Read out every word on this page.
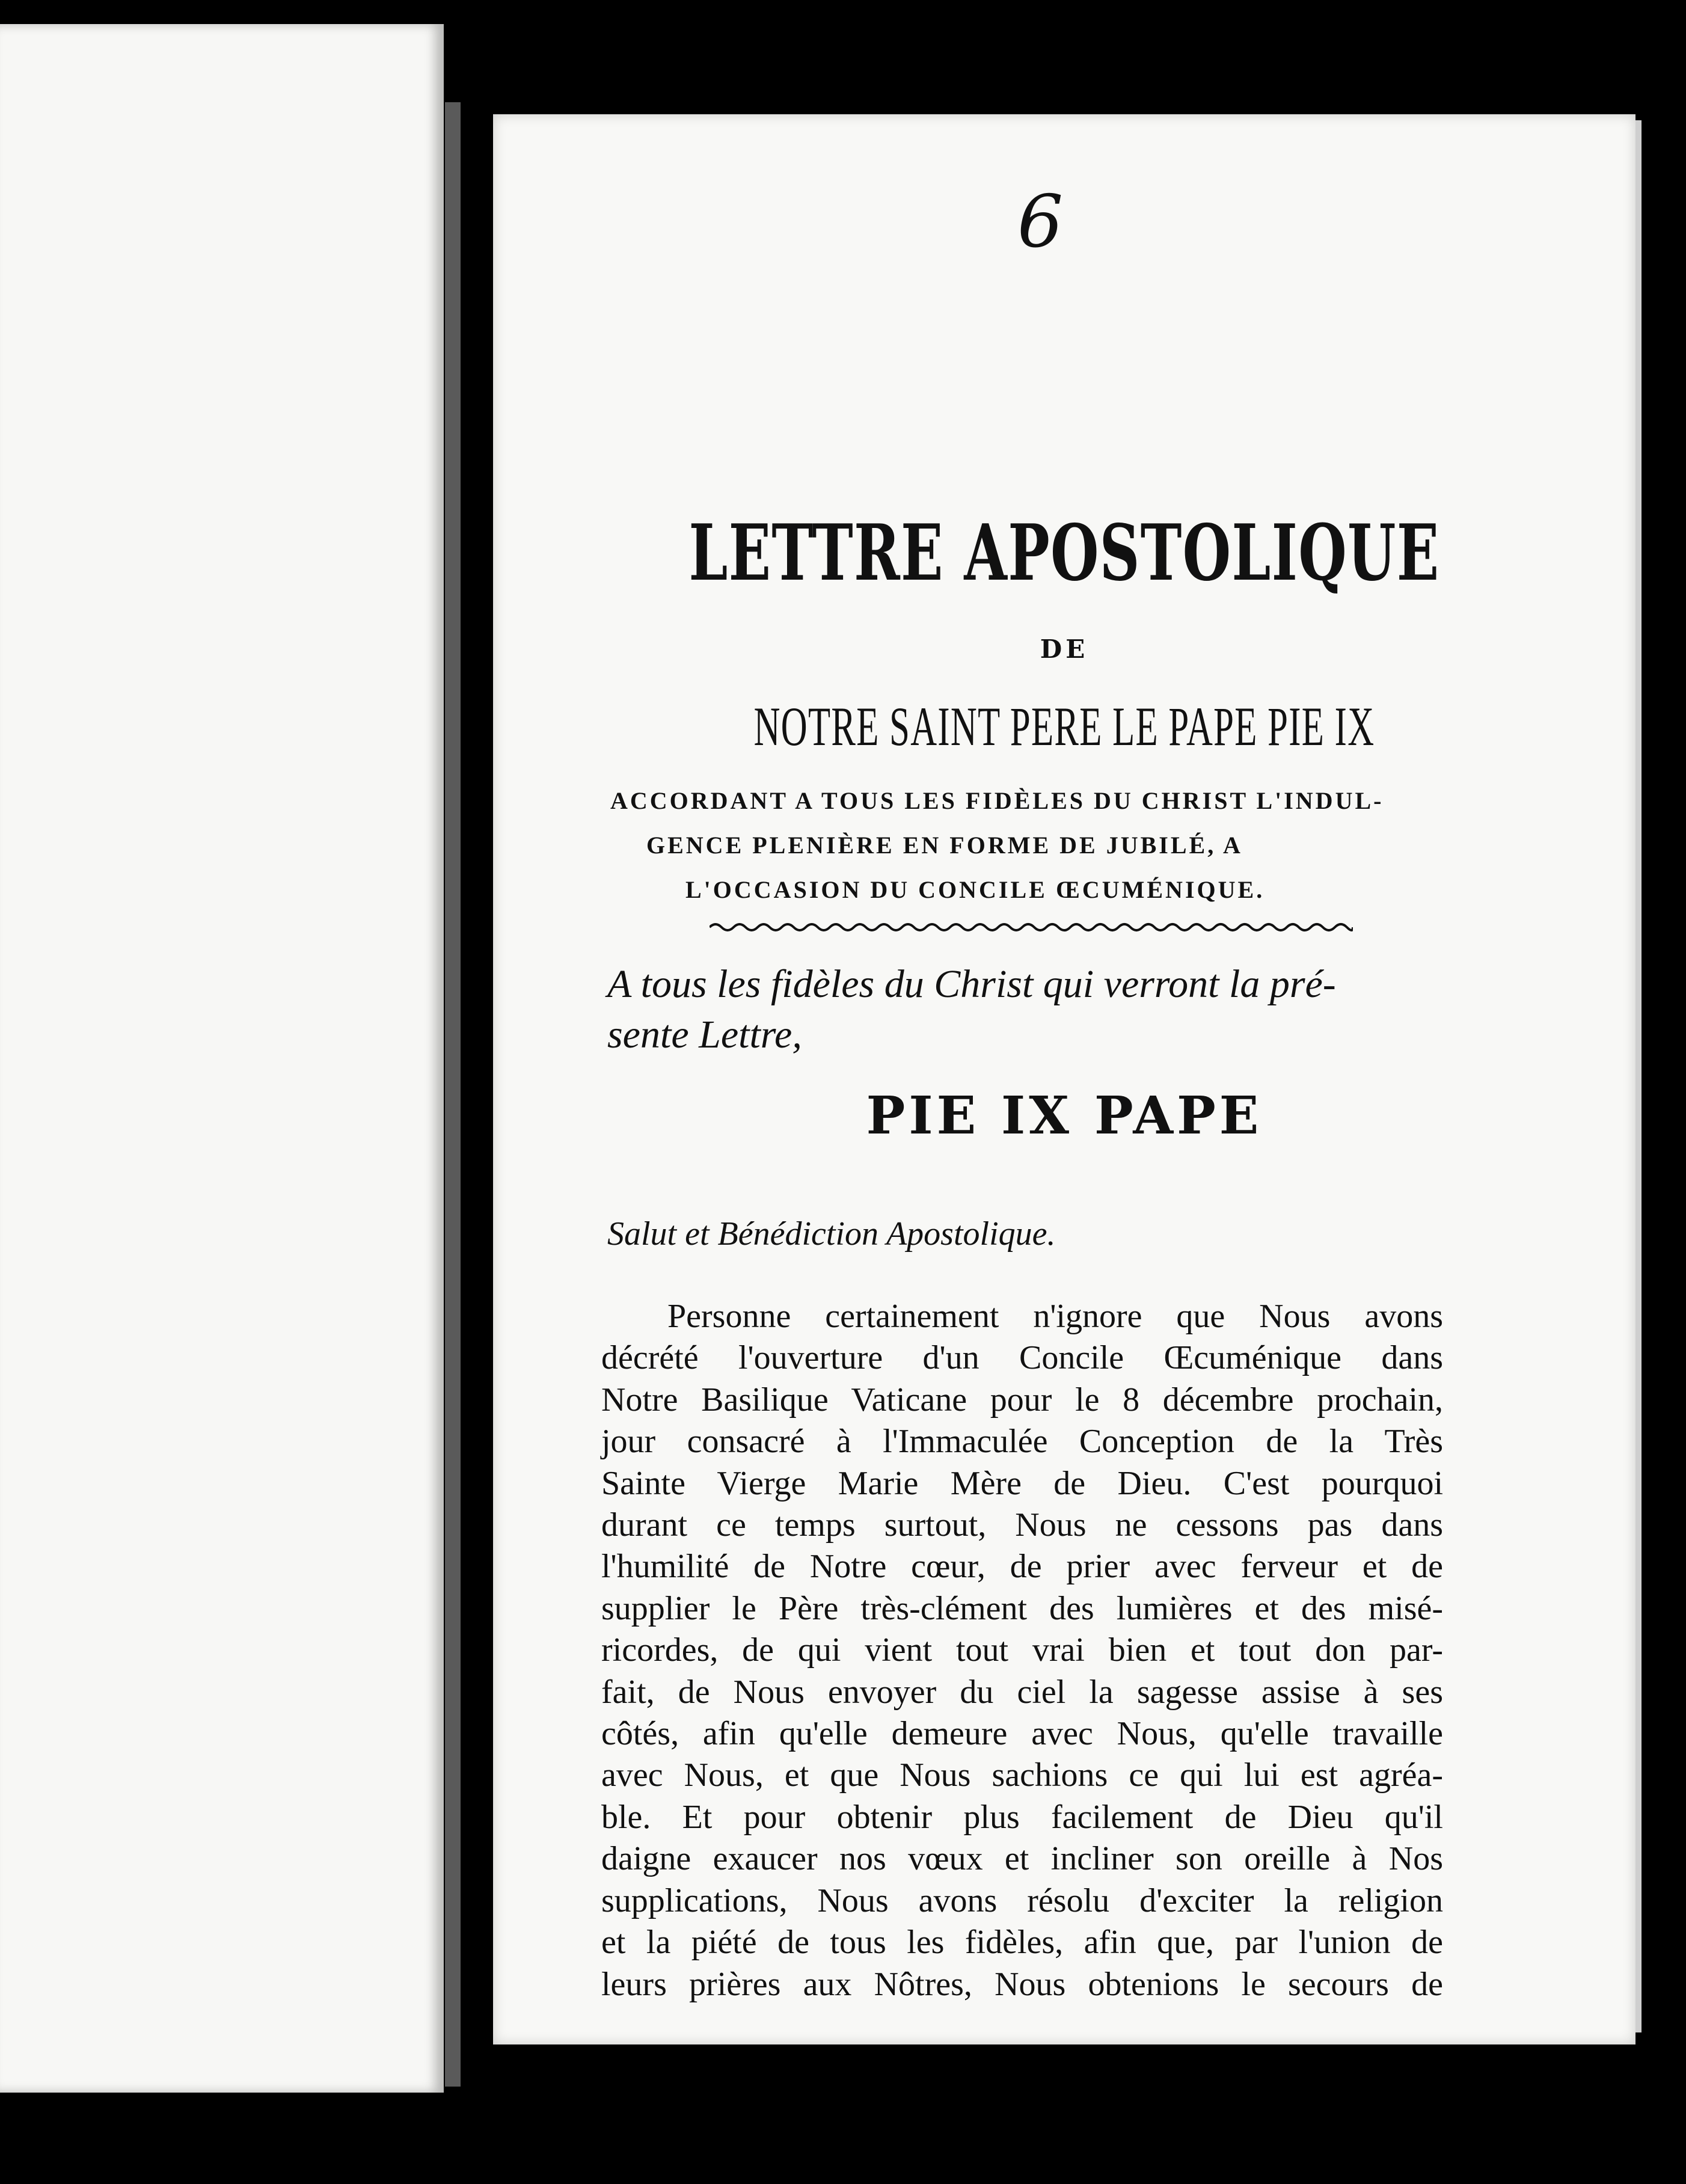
6
LETTRE APOSTOLIQUE
DE
NOTRE SAINT PERE LE PAPE PIE IX

ACCORDANT A TOUS LES FIDÈLES DU CHRIST L'INDUL-
GENCE PLENIÈRE EN FORME DE JUBILÉ, A
L'OCCASION DU CONCILE ŒCUMÉNIQUE.

A tous les fidèles du Christ qui verront la pré-
sente Lettre,

PIE IX PAPE

Salut et Bénédiction Apostolique.

Personne certainement n'ignore que Nous avons
décrété l'ouverture d'un Concile Œcuménique dans
Notre Basilique Vaticane pour le 8 décembre prochain,
jour consacré à l'Immaculée Conception de la Très
Sainte Vierge Marie Mère de Dieu. C'est pourquoi
durant ce temps surtout, Nous ne cessons pas dans
l'humilité de Notre cœur, de prier avec ferveur et de
supplier le Père très-clément des lumières et des misé-
ricordes, de qui vient tout vrai bien et tout don par-
fait, de Nous envoyer du ciel la sagesse assise à ses
côtés, afin qu'elle demeure avec Nous, qu'elle travaille
avec Nous, et que Nous sachions ce qui lui est agréa-
ble. Et pour obtenir plus facilement de Dieu qu'il
daigne exaucer nos vœux et incliner son oreille à Nos
supplications, Nous avons résolu d'exciter la religion
et la piété de tous les fidèles, afin que, par l'union de
leurs prières aux Nôtres, Nous obtenions le secours de
